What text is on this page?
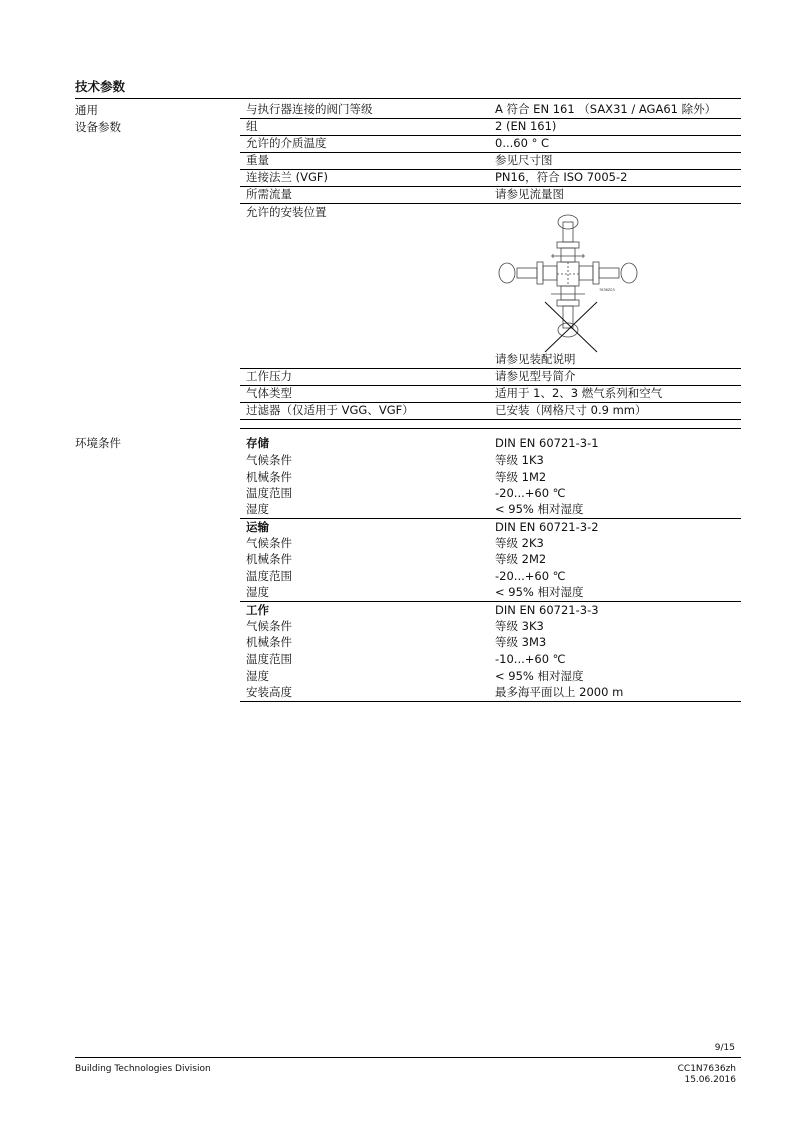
技术参数
通用
设备参数
与执行器连接的阀门等级	A 符合 EN 161 （SAX31 / AGA61 除外）
组	2 (EN 161)
允许的介质温度	0...60 ° C
重量	参见尺寸图
连接法兰 (VGF)	PN16，符合 ISO 7005-2
所需流量	请参见流量图
允许的安装位置
7636Z03
请参见装配说明
工作压力	请参见型号简介
气体类型	适用于 1、2、3 燃气系列和空气
过滤器（仅适用于 VGG、VGF）	已安装（网格尺寸 0.9 mm）
环境条件	存储	DIN EN 60721-3-1
气候条件	等级 1K3
机械条件	等级 1M2
温度范围	-20...+60 ℃
湿度	< 95% 相对湿度
运输	DIN EN 60721-3-2
气候条件	等级 2K3
机械条件	等级 2M2
温度范围	-20...+60 ℃
湿度	< 95% 相对湿度
工作	DIN EN 60721-3-3
气候条件	等级 3K3
机械条件	等级 3M3
温度范围	-10...+60 ℃
湿度	< 95% 相对湿度
安装高度	最多海平面以上 2000 m
9/15
Building Technologies Division	CC1N7636zh
15.06.2016
